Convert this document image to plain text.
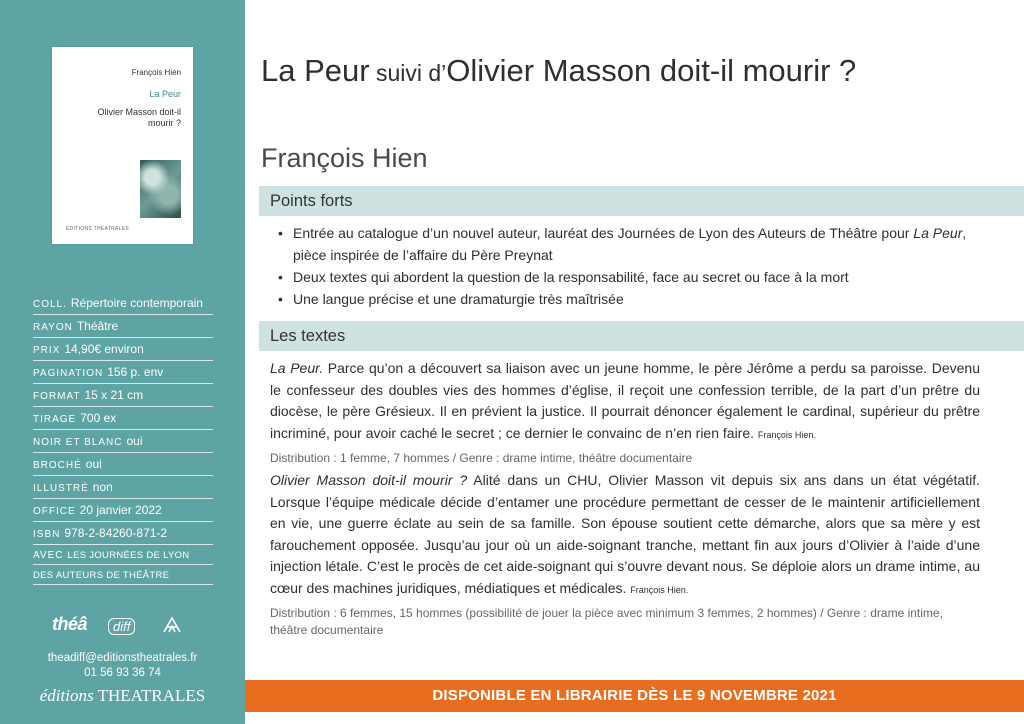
François Hien
La Peur
Olivier Masson doit-il mourir ?
ÉDITIONS THEATRALES
COLL. Répertoire contemporain
RAYON Théâtre
PRIX 14,90€ environ
PAGINATION 156 p. env
FORMAT 15 x 21 cm
TIRAGE 700 ex
NOIR ET BLANC oui
BROCHÉ oui
ILLUSTRÉ non
OFFICE 20 janvier 2022
ISBN 978-2-84260-871-2
AVEC LES JOURNÉES DE LYON
DES AUTEURS DE THÉÂTRE
théâ	diff
theadiff@editionstheatrales.fr
01 56 93 36 74
éditions THEATRALES
La Peur suivi d’Olivier Masson doit-il mourir ?
François Hien
Points forts
• Entrée au catalogue d’un nouvel auteur, lauréat des Journées de Lyon des Auteurs de Théâtre pour La Peur, pièce inspirée de l’affaire du Père Preynat
• Deux textes qui abordent la question de la responsabilité, face au secret ou face à la mort
• Une langue précise et une dramaturgie très maîtrisée
Les textes

La Peur. Parce qu’on a découvert sa liaison avec un jeune homme, le père Jérôme a perdu sa paroisse. Devenu le confesseur des doubles vies des hommes d’église, il reçoit une confession terrible, de la part d’un prêtre du diocèse, le père Grésieux. Il en prévient la justice. Il pourrait dénoncer également le cardinal, supérieur du prêtre incriminé, pour avoir caché le secret ; ce dernier le convainc de n’en rien faire. François Hien.

Distribution : 1 femme, 7 hommes / Genre : drame intime, théâtre documentaire

Olivier Masson doit-il mourir ? Alité dans un CHU, Olivier Masson vit depuis six ans dans un état végétatif. Lorsque l’équipe médicale décide d’entamer une procédure permettant de cesser de le maintenir artificiellement en vie, une guerre éclate au sein de sa famille. Son épouse soutient cette démarche, alors que sa mère y est farouchement opposée. Jusqu’au jour où un aide-soignant tranche, mettant fin aux jours d’Olivier à l’aide d’une injection létale. C’est le procès de cet aide-soignant qui s’ouvre devant nous. Se déploie alors un drame intime, au cœur des machines juridiques, médiatiques et médicales. François Hien.

Distribution : 6 femmes, 15 hommes (possibilité de jouer la pièce avec minimum 3 femmes, 2 hommes) / Genre : drame intime, théâtre documentaire
DISPONIBLE EN LIBRAIRIE DÈS LE 9 NOVEMBRE 2021
